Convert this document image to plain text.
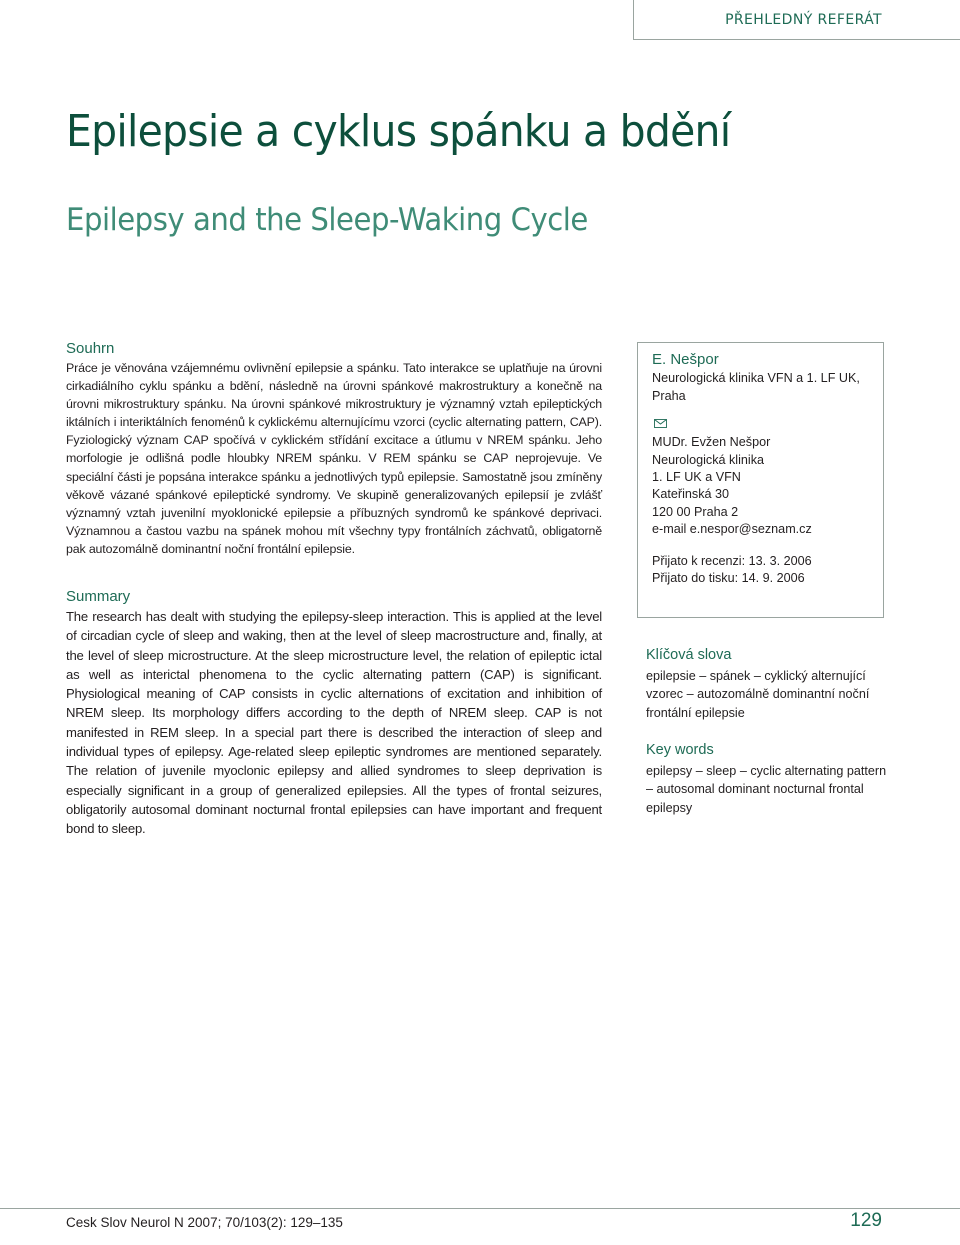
PŘEHLEDNÝ REFERÁT
Epilepsie a cyklus spánku a bdění
Epilepsy and the Sleep-Waking Cycle
Souhrn

Práce je věnována vzájemnému ovlivnění epilepsie a spánku. Tato interakce se uplatňuje na úrovni cirkadiálního cyklu spánku a bdění, následně na úrovni spánkové makrostruktury a konečně na úrovni mikrostruktury spánku. Na úrovni spánkové mikrostruktury je významný vztah epileptických iktálních i interiktálních fenoménů k cyklickému alternujícímu vzorci (cyclic alternating pattern, CAP). Fyziologický význam CAP spočívá v cyklickém střídání excitace a útlumu v NREM spánku. Jeho morfologie je odlišná podle hloubky NREM spánku. V REM spánku se CAP neprojevuje. Ve speciální části je popsána interakce spánku a jednotlivých typů epilepsie. Samostatně jsou zmíněny věkově vázané spánkové epileptické syndromy. Ve skupině generalizovaných epilepsií je zvlášť významný vztah juvenilní myoklonické epilepsie a příbuzných syndromů ke spánkové deprivaci. Významnou a častou vazbu na spánek mohou mít všechny typy frontálních záchvatů, obligatorně pak autozomálně dominantní noční frontální epilepsie.

Summary

The research has dealt with studying the epilepsy-sleep interaction. This is applied at the level of circadian cycle of sleep and waking, then at the level of sleep macrostructure and, finally, at the level of sleep microstructure. At the sleep microstructure level, the relation of epileptic ictal as well as interictal phenomena to the cyclic alternating pattern (CAP) is significant. Physiological meaning of CAP consists in cyclic alternations of excitation and inhibition of NREM sleep. Its morphology differs according to the depth of NREM sleep. CAP is not manifested in REM sleep. In a special part there is described the interaction of sleep and individual types of epilepsy. Age-related sleep epileptic syndromes are mentioned separately. The relation of juvenile myoclonic epilepsy and allied syndromes to sleep deprivation is especially significant in a group of generalized epilepsies. All the types of frontal seizures, obligatorily autosomal dominant nocturnal frontal epilepsies can have important and frequent bond to sleep.

E. Nešpor
Neurologická klinika VFN a 1. LF UK, Praha
MUDr. Evžen Nešpor
Neurologická klinika
1. LF UK a VFN
Kateřinská 30
120 00 Praha 2
e-mail e.nespor@seznam.cz
Přijato k recenzi: 13. 3. 2006
Přijato do tisku: 14. 9. 2006
Klíčová slova
epilepsie – spánek – cyklický alternující vzorec – autozomálně dominantní noční frontální epilepsie
Key words
epilepsy – sleep – cyclic alternating pattern – autosomal dominant nocturnal frontal epilepsy
Cesk Slov Neurol N 2007; 70/103(2): 129–135	129
